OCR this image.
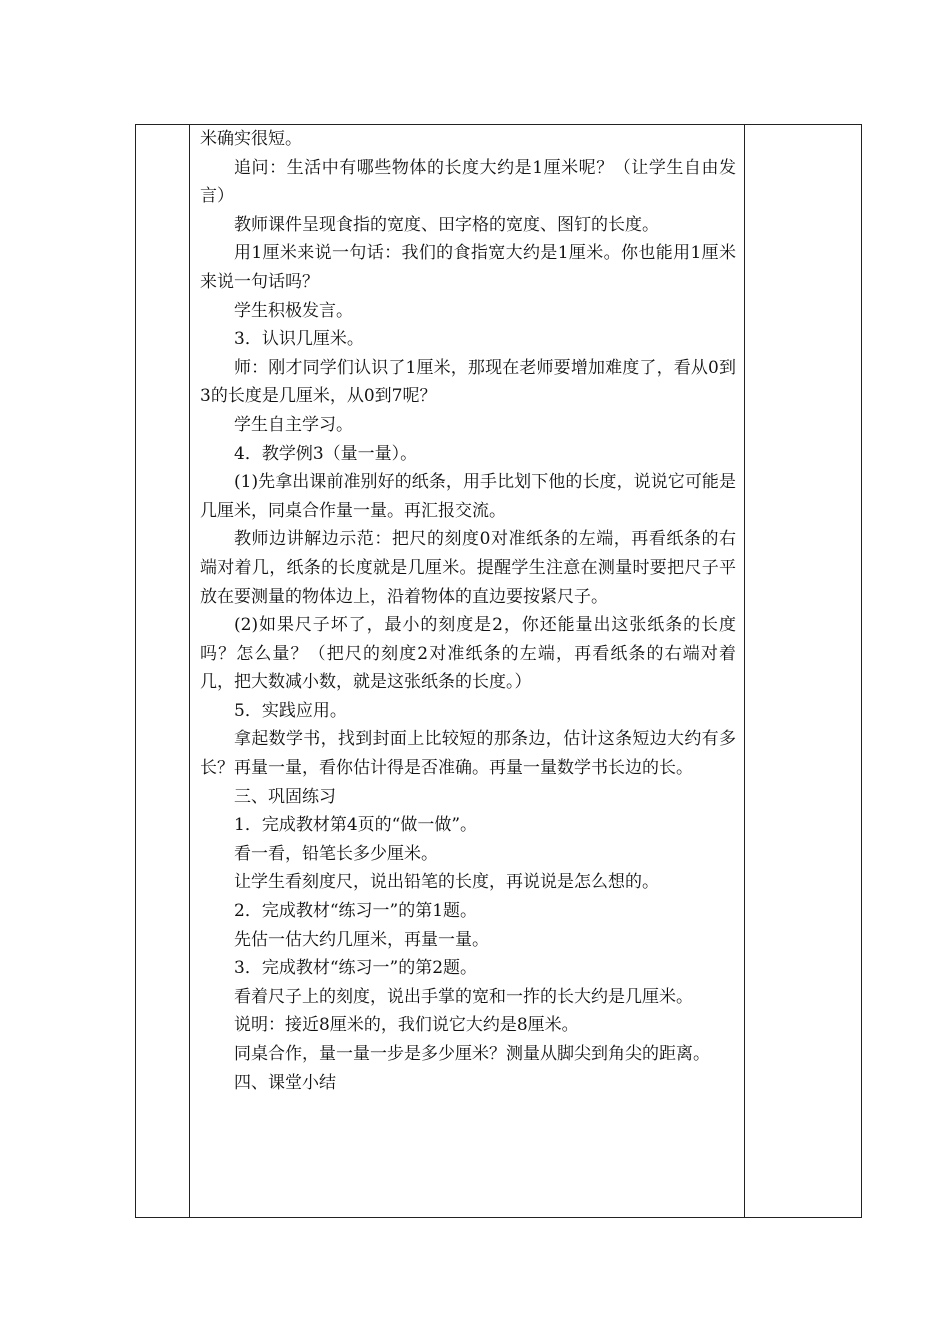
米确实很短。

追问：生活中有哪些物体的长度大约是1厘米呢？（让学生自由发言）

教师课件呈现食指的宽度、田字格的宽度、图钉的长度。

用1厘米来说一句话：我们的食指宽大约是1厘米。你也能用1厘米来说一句话吗？

学生积极发言。

3．认识几厘米。

师：刚才同学们认识了1厘米，那现在老师要增加难度了，看从0到3的长度是几厘米，从0到7呢？

学生自主学习。

4．教学例3（量一量）。

(1)先拿出课前准别好的纸条，用手比划下他的长度，说说它可能是几厘米，同桌合作量一量。再汇报交流。

教师边讲解边示范：把尺的刻度0对准纸条的左端，再看纸条的右端对着几，纸条的长度就是几厘米。提醒学生注意在测量时要把尺子平放在要测量的物体边上，沿着物体的直边要按紧尺子。

(2)如果尺子坏了，最小的刻度是2，你还能量出这张纸条的长度吗？怎么量？（把尺的刻度2对准纸条的左端，再看纸条的右端对着几，把大数减小数，就是这张纸条的长度。）

5．实践应用。

拿起数学书，找到封面上比较短的那条边，估计这条短边大约有多长？再量一量，看你估计得是否准确。再量一量数学书长边的长。

三、巩固练习

1．完成教材第4页的“做一做”。

看一看，铅笔长多少厘米。

让学生看刻度尺，说出铅笔的长度，再说说是怎么想的。

2．完成教材“练习一”的第1题。

先估一估大约几厘米，再量一量。

3．完成教材“练习一”的第2题。

看着尺子上的刻度，说出手掌的宽和一拃的长大约是几厘米。

说明：接近8厘米的，我们说它大约是8厘米。

同桌合作，量一量一步是多少厘米？测量从脚尖到角尖的距离。

四、课堂小结
